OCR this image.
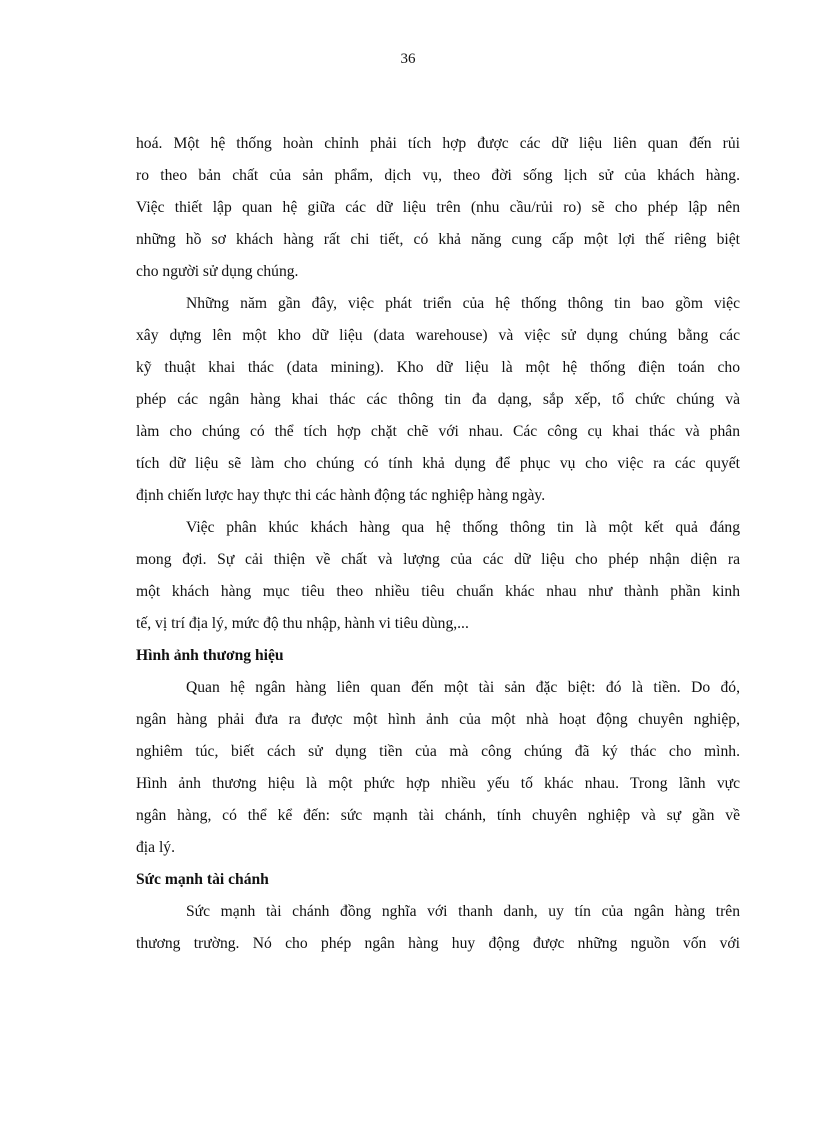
36

hoá. Một hệ thống hoàn chỉnh phải tích hợp được các dữ liệu liên quan đến rủi
ro theo bản chất của sản phẩm, dịch vụ, theo đời sống lịch sử của khách hàng.
Việc thiết lập quan hệ giữa các dữ liệu trên (nhu cầu/rủi ro) sẽ cho phép lập nên
những hồ sơ khách hàng rất chi tiết, có khả năng cung cấp một lợi thế riêng biệt
cho người sử dụng chúng.

Những năm gần đây, việc phát triển của hệ thống thông tin bao gồm việc
xây dựng lên một kho dữ liệu (data warehouse) và việc sử dụng chúng bằng các
kỹ thuật khai thác (data mining). Kho dữ liệu là một hệ thống điện toán cho
phép các ngân hàng khai thác các thông tin đa dạng, sắp xếp, tổ chức chúng và
làm cho chúng có thể tích hợp chặt chẽ với nhau. Các công cụ khai thác và phân
tích dữ liệu sẽ làm cho chúng có tính khả dụng để phục vụ cho việc ra các quyết
định chiến lược hay thực thi các hành động tác nghiệp hàng ngày.

Việc phân khúc khách hàng qua hệ thống thông tin là một kết quả đáng
mong đợi. Sự cải thiện về chất và lượng của các dữ liệu cho phép nhận diện ra
một khách hàng mục tiêu theo nhiều tiêu chuẩn khác nhau như thành phần kinh
tế, vị trí địa lý, mức độ thu nhập, hành vi tiêu dùng,...

Hình ảnh thương hiệu

Quan hệ ngân hàng liên quan đến một tài sản đặc biệt: đó là tiền. Do đó,
ngân hàng phải đưa ra được một hình ảnh của một nhà hoạt động chuyên nghiệp,
nghiêm túc, biết cách sử dụng tiền của mà công chúng đã ký thác cho mình.
Hình ảnh thương hiệu là một phức hợp nhiều yếu tố khác nhau. Trong lãnh vực
ngân hàng, có thể kể đến: sức mạnh tài chánh, tính chuyên nghiệp và sự gần về
địa lý.

Sức mạnh tài chánh

Sức mạnh tài chánh đồng nghĩa với thanh danh, uy tín của ngân hàng trên
thương trường. Nó cho phép ngân hàng huy động được những nguồn vốn với
